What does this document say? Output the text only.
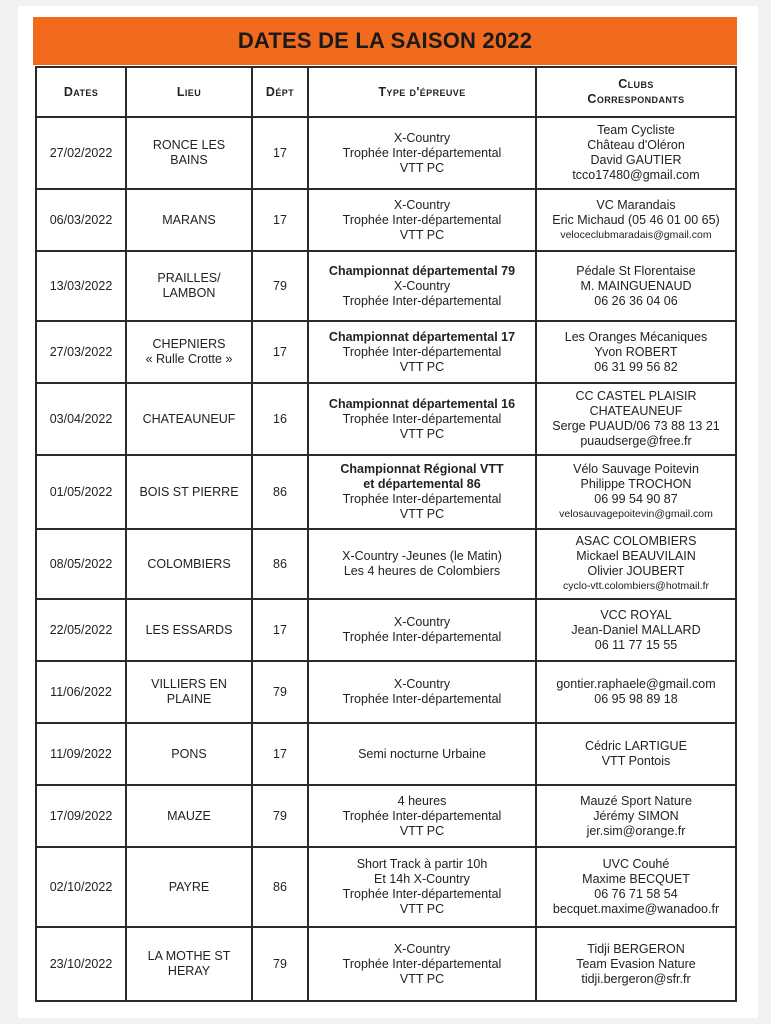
DATES DE LA SAISON 2022
Dates	Lieu	Dépt	Type d'épreuve	Clubs
Correspondants

27/02/2022	RONCE LES
BAINS	17	X-Country
Trophée Inter-départemental
VTT PC	Team Cycliste
Château d'Oléron
David GAUTIER
tcco17480@gmail.com

06/03/2022	MARANS	17	X-Country
Trophée Inter-départemental
VTT PC	VC Marandais
Eric Michaud (05 46 01 00 65)
veloceclubmaradais@gmail.com

13/03/2022	PRAILLES/
LAMBON	79	Championnat départemental 79
X-Country
Trophée Inter-départemental	Pédale St Florentaise
M. MAINGUENAUD
06 26 36 04 06

27/03/2022	CHEPNIERS
« Rulle Crotte »	17	Championnat départemental 17
Trophée Inter-départemental
VTT PC	Les Oranges Mécaniques
Yvon ROBERT
06 31 99 56 82

03/04/2022	CHATEAUNEUF	16	Championnat départemental 16
Trophée Inter-départemental
VTT PC	CC CASTEL PLAISIR
CHATEAUNEUF
Serge PUAUD/06 73 88 13 21
puaudserge@free.fr

01/05/2022	BOIS ST PIERRE	86	Championnat Régional VTT
et départemental 86
Trophée Inter-départemental
VTT PC	Vélo Sauvage Poitevin
Philippe TROCHON
06 99 54 90 87
velosauvagepoitevin@gmail.com

08/05/2022	COLOMBIERS	86	X-Country -Jeunes (le Matin)
Les 4 heures de Colombiers	ASAC COLOMBIERS
Mickael BEAUVILAIN
Olivier JOUBERT
cyclo-vtt.colombiers@hotmail.fr

22/05/2022	LES ESSARDS	17	X-Country
Trophée Inter-départemental	VCC ROYAL
Jean-Daniel MALLARD
06 11 77 15 55

11/06/2022	VILLIERS EN
PLAINE	79	X-Country
Trophée Inter-départemental	gontier.raphaele@gmail.com
06 95 98 89 18

11/09/2022	PONS	17	Semi nocturne Urbaine	Cédric LARTIGUE
VTT Pontois

17/09/2022	MAUZE	79	4 heures
Trophée Inter-départemental
VTT PC	Mauzé Sport Nature
Jérémy SIMON
jer.sim@orange.fr

02/10/2022	PAYRE	86	Short Track à partir 10h
Et 14h X-Country
Trophée Inter-départemental
VTT PC	UVC Couhé
Maxime BECQUET
06 76 71 58 54
becquet.maxime@wanadoo.fr

23/10/2022	LA MOTHE ST
HERAY	79	X-Country
Trophée Inter-départemental
VTT PC	Tidji BERGERON
Team Evasion Nature
tidji.bergeron@sfr.fr
